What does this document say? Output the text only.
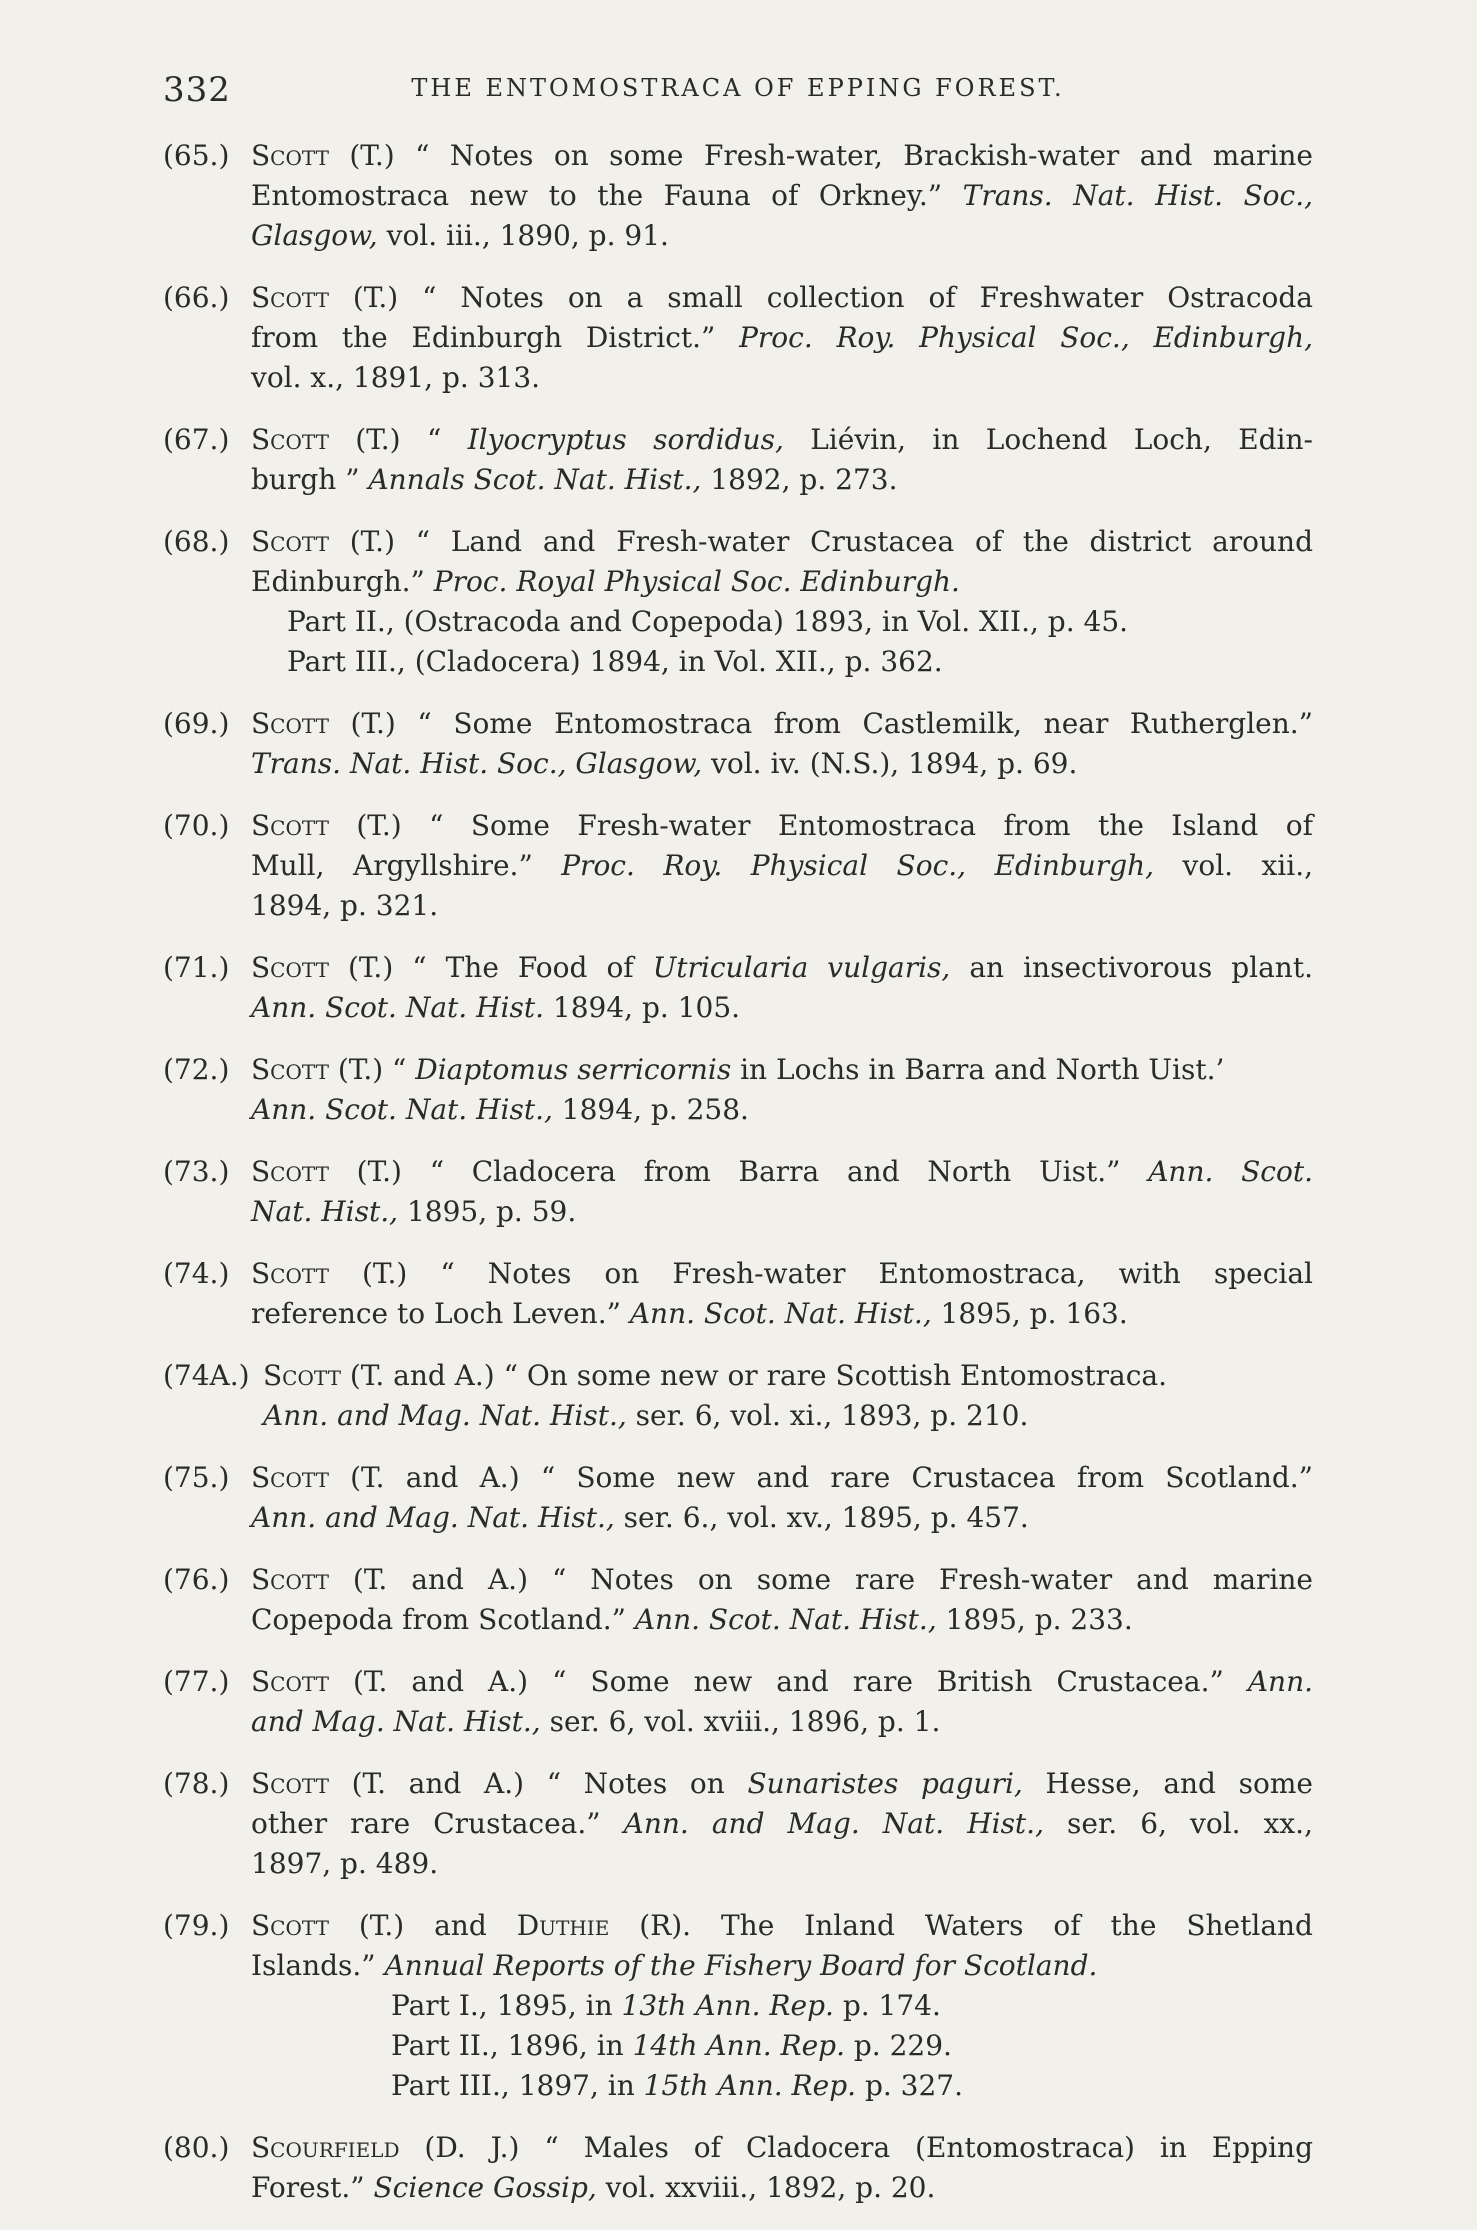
332	THE ENTOMOSTRACA OF EPPING FOREST.
(65.) Scott (T.) “ Notes on some Fresh-water, Brackish-water and marine
Entomostraca new to the Fauna of Orkney.” Trans. Nat. Hist. Soc.,
Glasgow, vol. iii., 1890, p. 91.
(66.) Scott (T.) “ Notes on a small collection of Freshwater Ostracoda
from the Edinburgh District.” Proc. Roy. Physical Soc., Edinburgh,
vol. x., 1891, p. 313.
(67.) Scott (T.) “ Ilyocryptus sordidus, Liévin, in Lochend Loch, Edin-
burgh ” Annals Scot. Nat. Hist., 1892, p. 273.
(68.) Scott (T.) “ Land and Fresh-water Crustacea of the district around
Edinburgh.” Proc. Royal Physical Soc. Edinburgh.
Part II., (Ostracoda and Copepoda) 1893, in Vol. XII., p. 45.
Part III., (Cladocera) 1894, in Vol. XII., p. 362.
(69.) Scott (T.) “ Some Entomostraca from Castlemilk, near Rutherglen.”
Trans. Nat. Hist. Soc., Glasgow, vol. iv. (N.S.), 1894, p. 69.
(70.) Scott (T.) “ Some Fresh-water Entomostraca from the Island of
Mull, Argyllshire.” Proc. Roy. Physical Soc., Edinburgh, vol. xii.,
1894, p. 321.
(71.) Scott (T.) “ The Food of Utricularia vulgaris, an insectivorous plant.
Ann. Scot. Nat. Hist. 1894, p. 105.
(72.) Scott (T.) “ Diaptomus serricornis in Lochs in Barra and North Uist.’
Ann. Scot. Nat. Hist., 1894, p. 258.
(73.) Scott (T.) “ Cladocera from Barra and North Uist.” Ann. Scot.
Nat. Hist., 1895, p. 59.
(74.) Scott (T.) “ Notes on Fresh-water Entomostraca, with special
reference to Loch Leven.” Ann. Scot. Nat. Hist., 1895, p. 163.
(74A.) Scott (T. and A.) “ On some new or rare Scottish Entomostraca.
Ann. and Mag. Nat. Hist., ser. 6, vol. xi., 1893, p. 210.
(75.) Scott (T. and A.) “ Some new and rare Crustacea from Scotland.”
Ann. and Mag. Nat. Hist., ser. 6., vol. xv., 1895, p. 457.
(76.) Scott (T. and A.) “ Notes on some rare Fresh-water and marine
Copepoda from Scotland.” Ann. Scot. Nat. Hist., 1895, p. 233.
(77.) Scott (T. and A.) “ Some new and rare British Crustacea.” Ann.
and Mag. Nat. Hist., ser. 6, vol. xviii., 1896, p. 1.
(78.) Scott (T. and A.) “ Notes on Sunaristes paguri, Hesse, and some
other rare Crustacea.” Ann. and Mag. Nat. Hist., ser. 6, vol. xx.,
1897, p. 489.
(79.) Scott (T.) and Duthie (R). The Inland Waters of the Shetland
Islands.” Annual Reports of the Fishery Board for Scotland.
Part I., 1895, in 13th Ann. Rep. p. 174.
Part II., 1896, in 14th Ann. Rep. p. 229.
Part III., 1897, in 15th Ann. Rep. p. 327.
(80.) Scourfield (D. J.) “ Males of Cladocera (Entomostraca) in Epping
Forest.” Science Gossip, vol. xxviii., 1892, p. 20.
